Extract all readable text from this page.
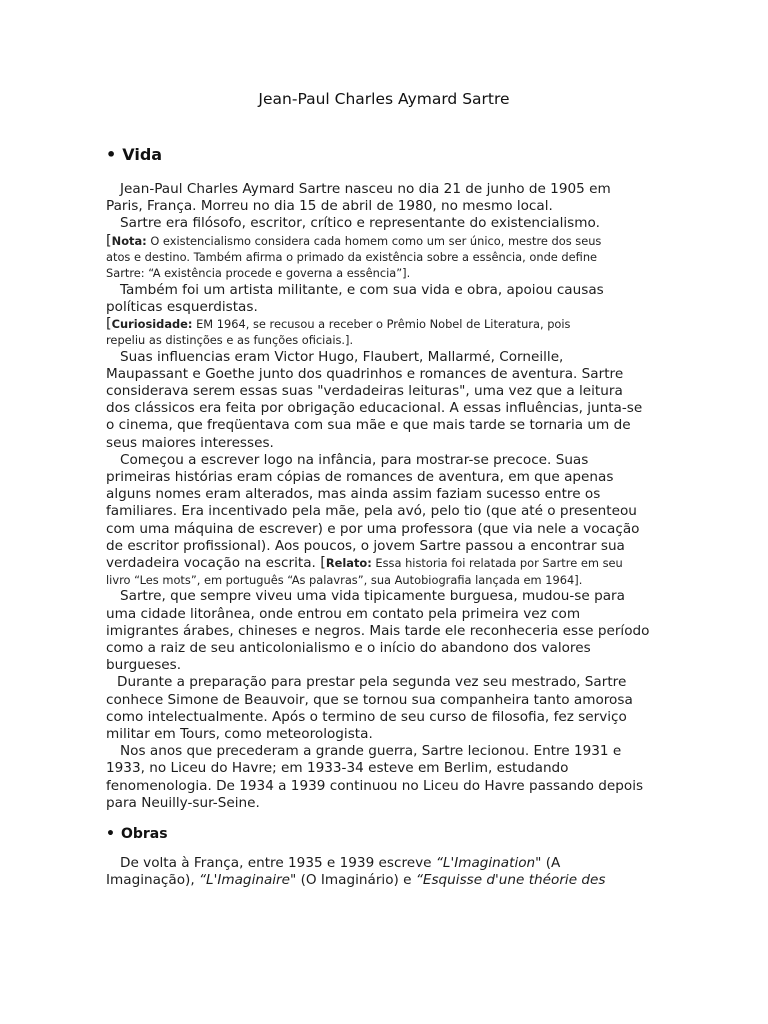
Jean-Paul Charles Aymard Sartre
• Vida

Jean-Paul Charles Aymard Sartre nasceu no dia 21 de junho de 1905 em

Paris, França. Morreu no dia 15 de abril de 1980, no mesmo local.

Sartre era filósofo, escritor, crítico e representante do existencialismo.

[Nota: O existencialismo considera cada homem como um ser único, mestre dos seus

atos e destino. Também afirma o primado da existência sobre a essência, onde define

Sartre: “A existência procede e governa a essência”].

Também foi um artista militante, e com sua vida e obra, apoiou causas

políticas esquerdistas.

[Curiosidade: EM 1964, se recusou a receber o Prêmio Nobel de Literatura, pois

repeliu as distinções e as funções oficiais.].

Suas influencias eram Victor Hugo, Flaubert, Mallarmé, Corneille,

Maupassant e Goethe junto dos quadrinhos e romances de aventura. Sartre

considerava serem essas suas "verdadeiras leituras", uma vez que a leitura

dos clássicos era feita por obrigação educacional. A essas influências, junta-se

o cinema, que freqüentava com sua mãe e que mais tarde se tornaria um de

seus maiores interesses.

Começou a escrever logo na infância, para mostrar-se precoce. Suas

primeiras histórias eram cópias de romances de aventura, em que apenas

alguns nomes eram alterados, mas ainda assim faziam sucesso entre os

familiares. Era incentivado pela mãe, pela avó, pelo tio (que até o presenteou

com uma máquina de escrever) e por uma professora (que via nele a vocação

de escritor profissional). Aos poucos, o jovem Sartre passou a encontrar sua

verdadeira vocação na escrita. [Relato: Essa historia foi relatada por Sartre em seu

livro “Les mots”, em português “As palavras”, sua Autobiografia lançada em 1964].

Sartre, que sempre viveu uma vida tipicamente burguesa, mudou-se para

uma cidade litorânea, onde entrou em contato pela primeira vez com

imigrantes árabes, chineses e negros. Mais tarde ele reconheceria esse período

como a raiz de seu anticolonialismo e o início do abandono dos valores

burgueses.

Durante a preparação para prestar pela segunda vez seu mestrado, Sartre

conhece Simone de Beauvoir, que se tornou sua companheira tanto amorosa

como intelectualmente. Após o termino de seu curso de filosofia, fez serviço

militar em Tours, como meteorologista.

Nos anos que precederam a grande guerra, Sartre lecionou. Entre 1931 e

1933, no Liceu do Havre; em 1933-34 esteve em Berlim, estudando

fenomenologia. De 1934 a 1939 continuou no Liceu do Havre passando depois

para Neuilly-sur-Seine.

• Obras

De volta à França, entre 1935 e 1939 escreve “L'Imagination" (A

Imaginação), “L'Imaginaire" (O Imaginário) e “Esquisse d'une théorie des
